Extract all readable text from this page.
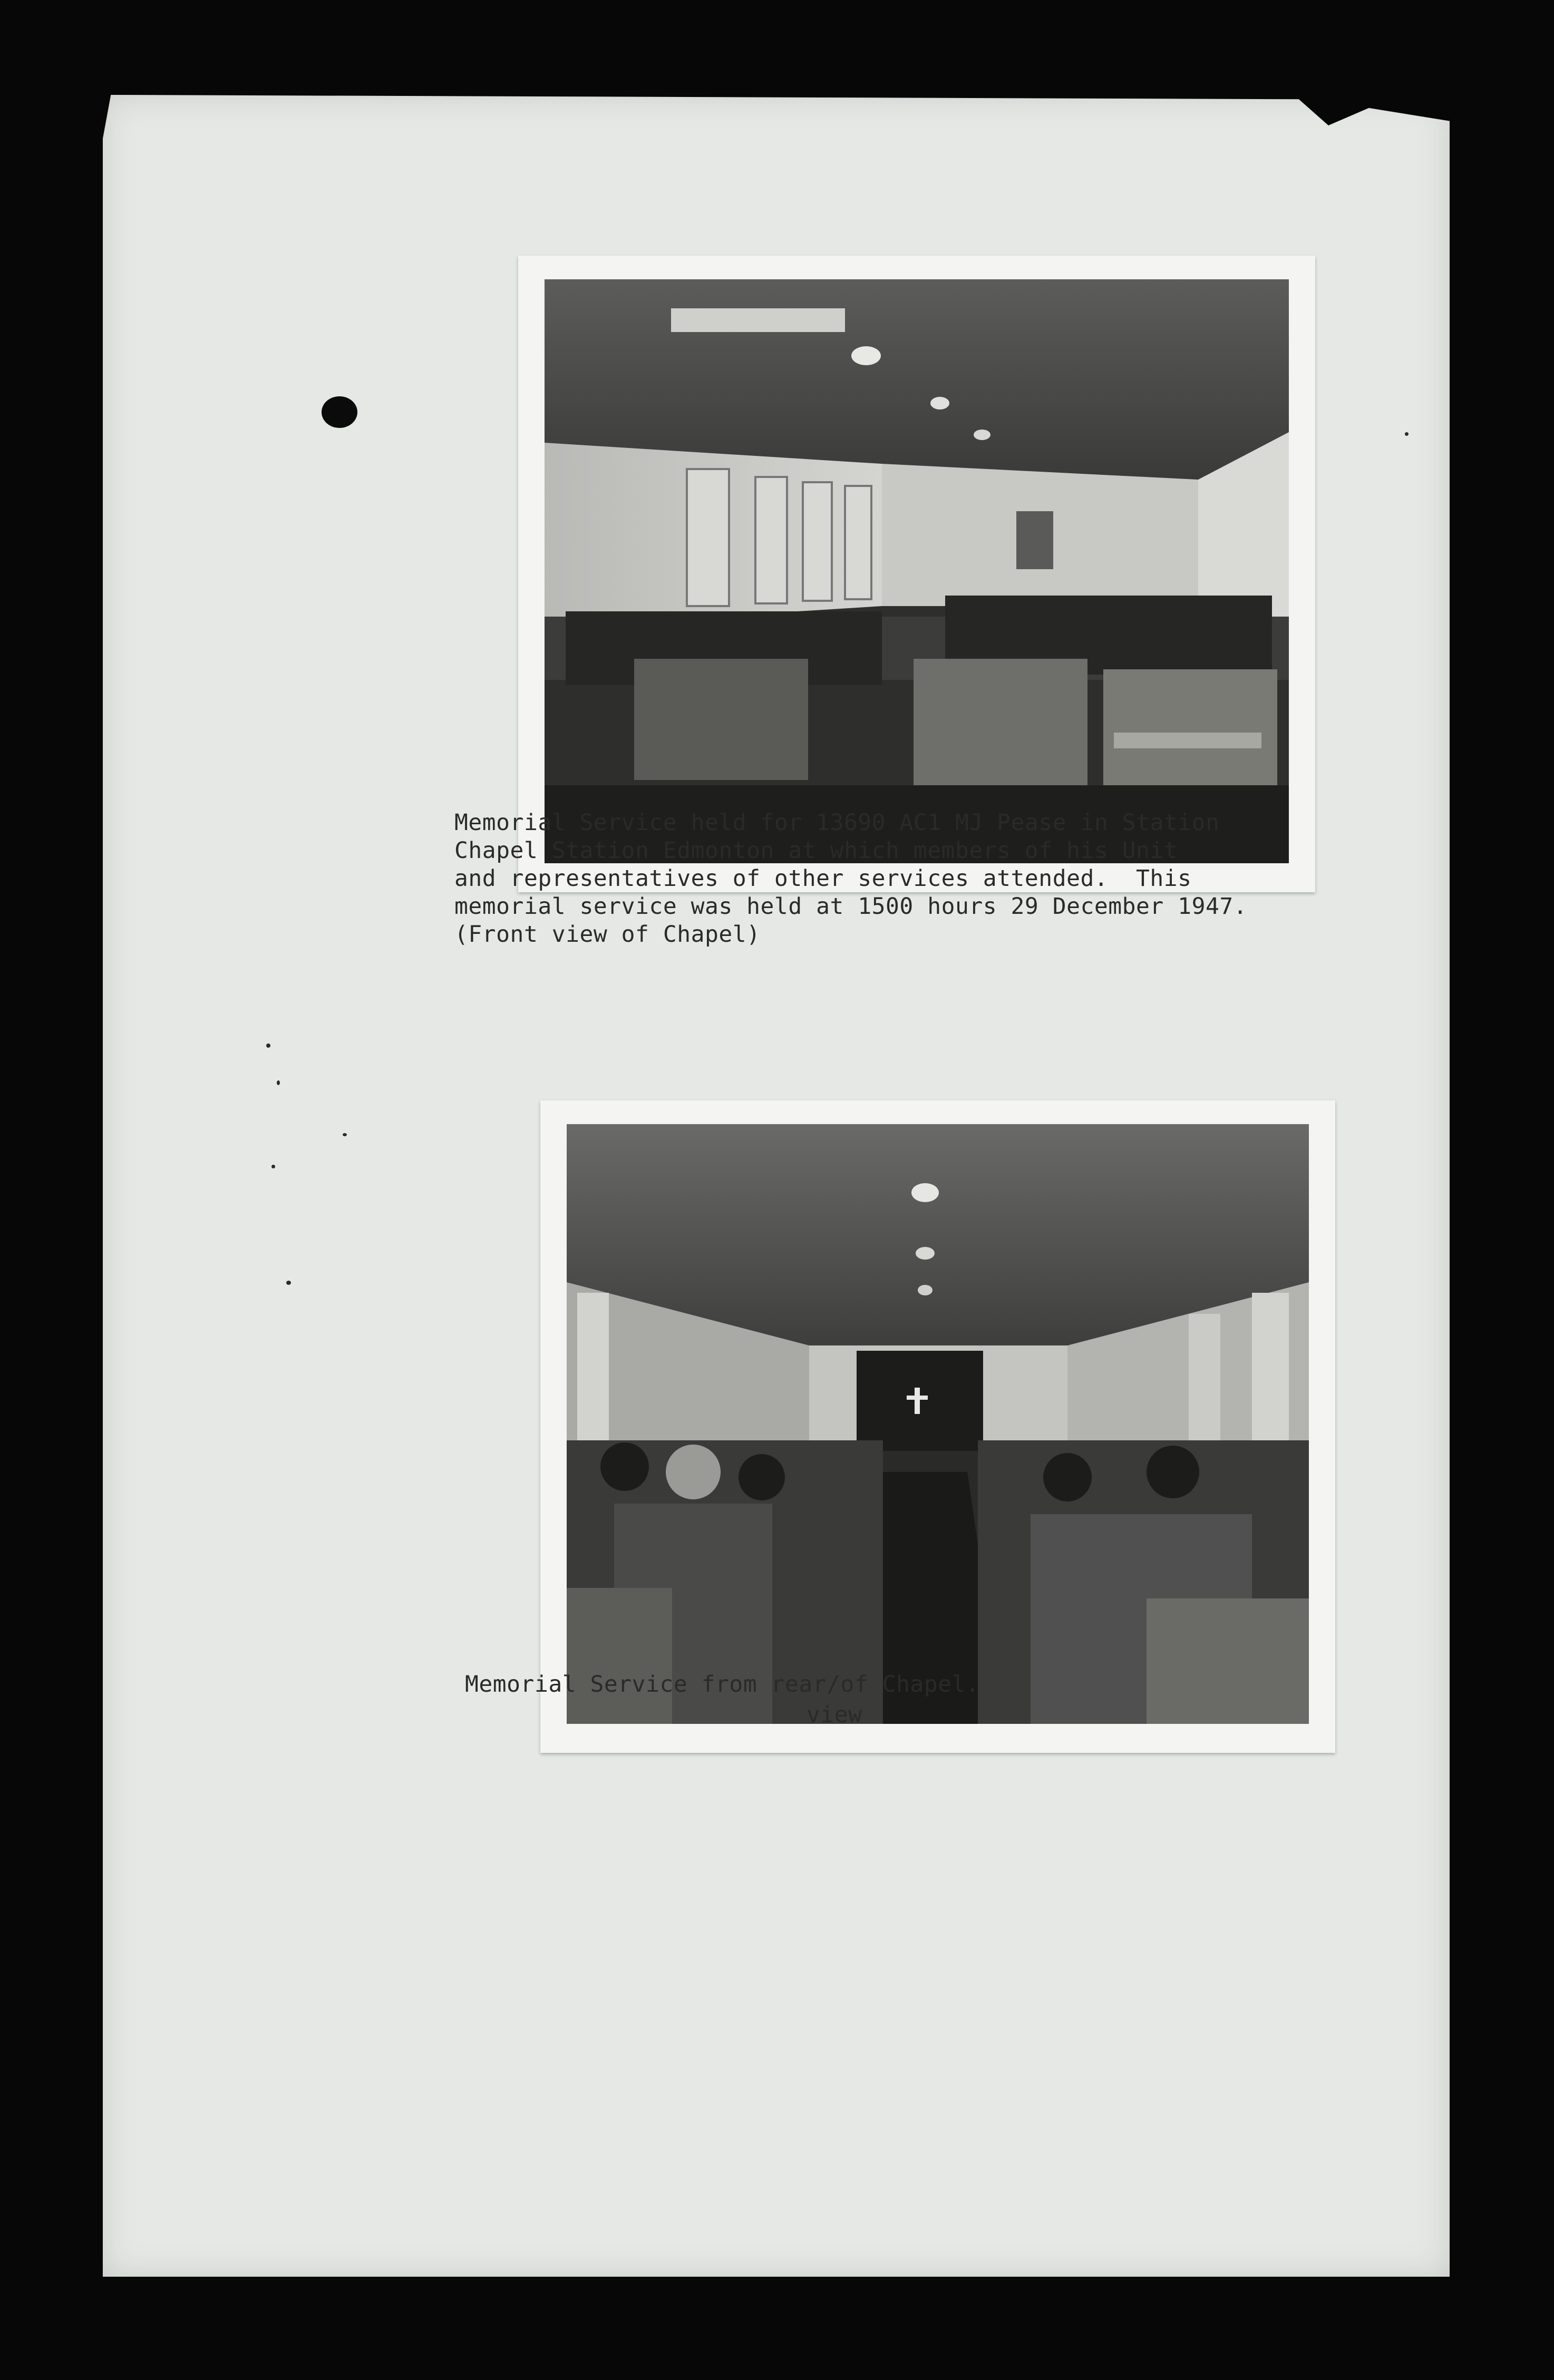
Memorial Service held for 13690 AC1 MJ Pease in Station
Chapel Station Edmonton at which members of his Unit
and representatives of other services attended.  This
memorial service was held at 1500 hours 29 December 1947.
(Front view of Chapel)
Memorial Service from rear/of Chapel.
view
